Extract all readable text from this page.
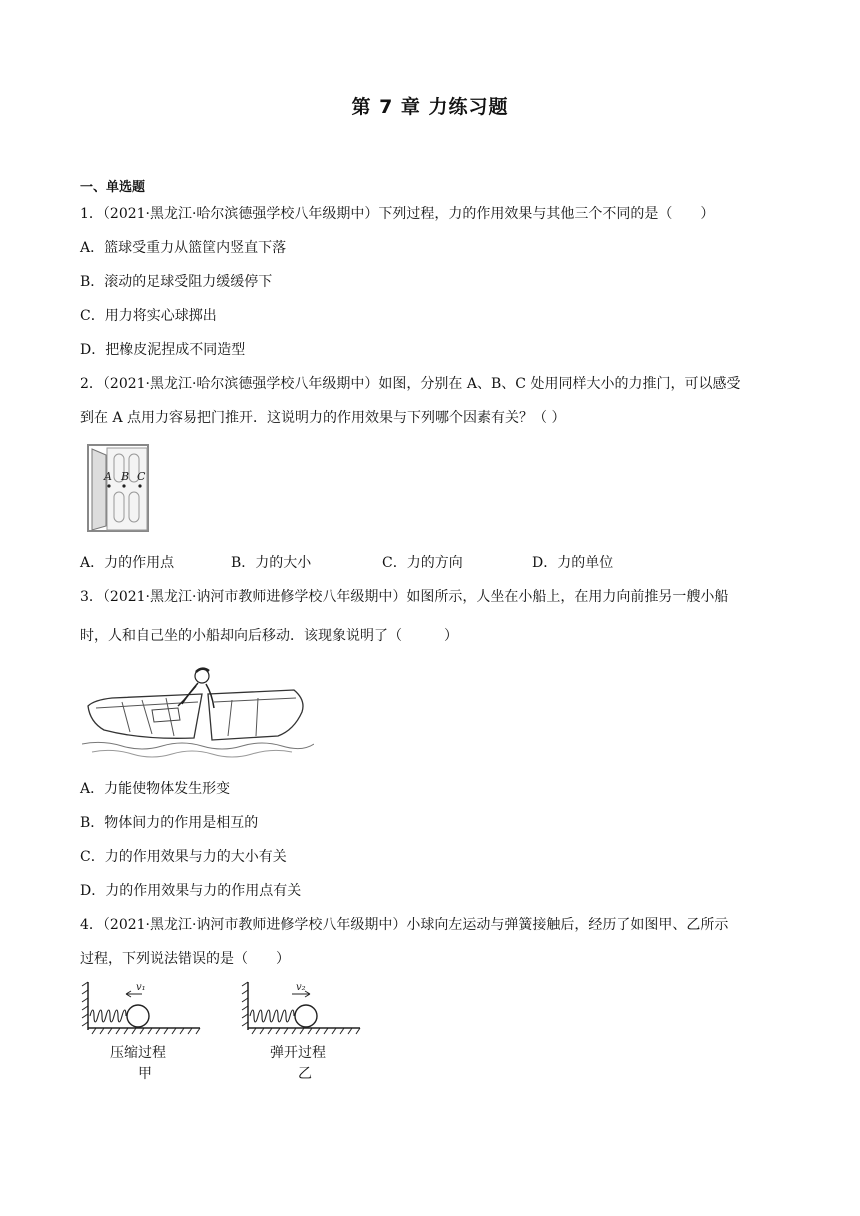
第 7 章 力练习题
一、单选题
1．（2021·黑龙江·哈尔滨德强学校八年级期中）下列过程，力的作用效果与其他三个不同的是（　　）
A．篮球受重力从篮筐内竖直下落
B．滚动的足球受阻力缓缓停下
C．用力将实心球掷出
D．把橡皮泥捏成不同造型
2．（2021·黑龙江·哈尔滨德强学校八年级期中）如图，分别在 A、B、C 处用同样大小的力推门，可以感受
到在 A 点用力容易把门推开．这说明力的作用效果与下列哪个因素有关？（ ）
A B C
A．力的作用点	B．力的大小	C．力的方向	D．力的单位
3．（2021·黑龙江·讷河市教师进修学校八年级期中）如图所示，人坐在小船上，在用力向前推另一艘小船
时，人和自己坐的小船却向后移动．该现象说明了（　　　）
A．力能使物体发生形变
B．物体间力的作用是相互的
C．力的作用效果与力的大小有关
D．力的作用效果与力的作用点有关
4．（2021·黑龙江·讷河市教师进修学校八年级期中）小球向左运动与弹簧接触后，经历了如图甲、乙所示
过程，下列说法错误的是（　　）
v₁
压缩过程
甲
v₂
弹开过程
乙
